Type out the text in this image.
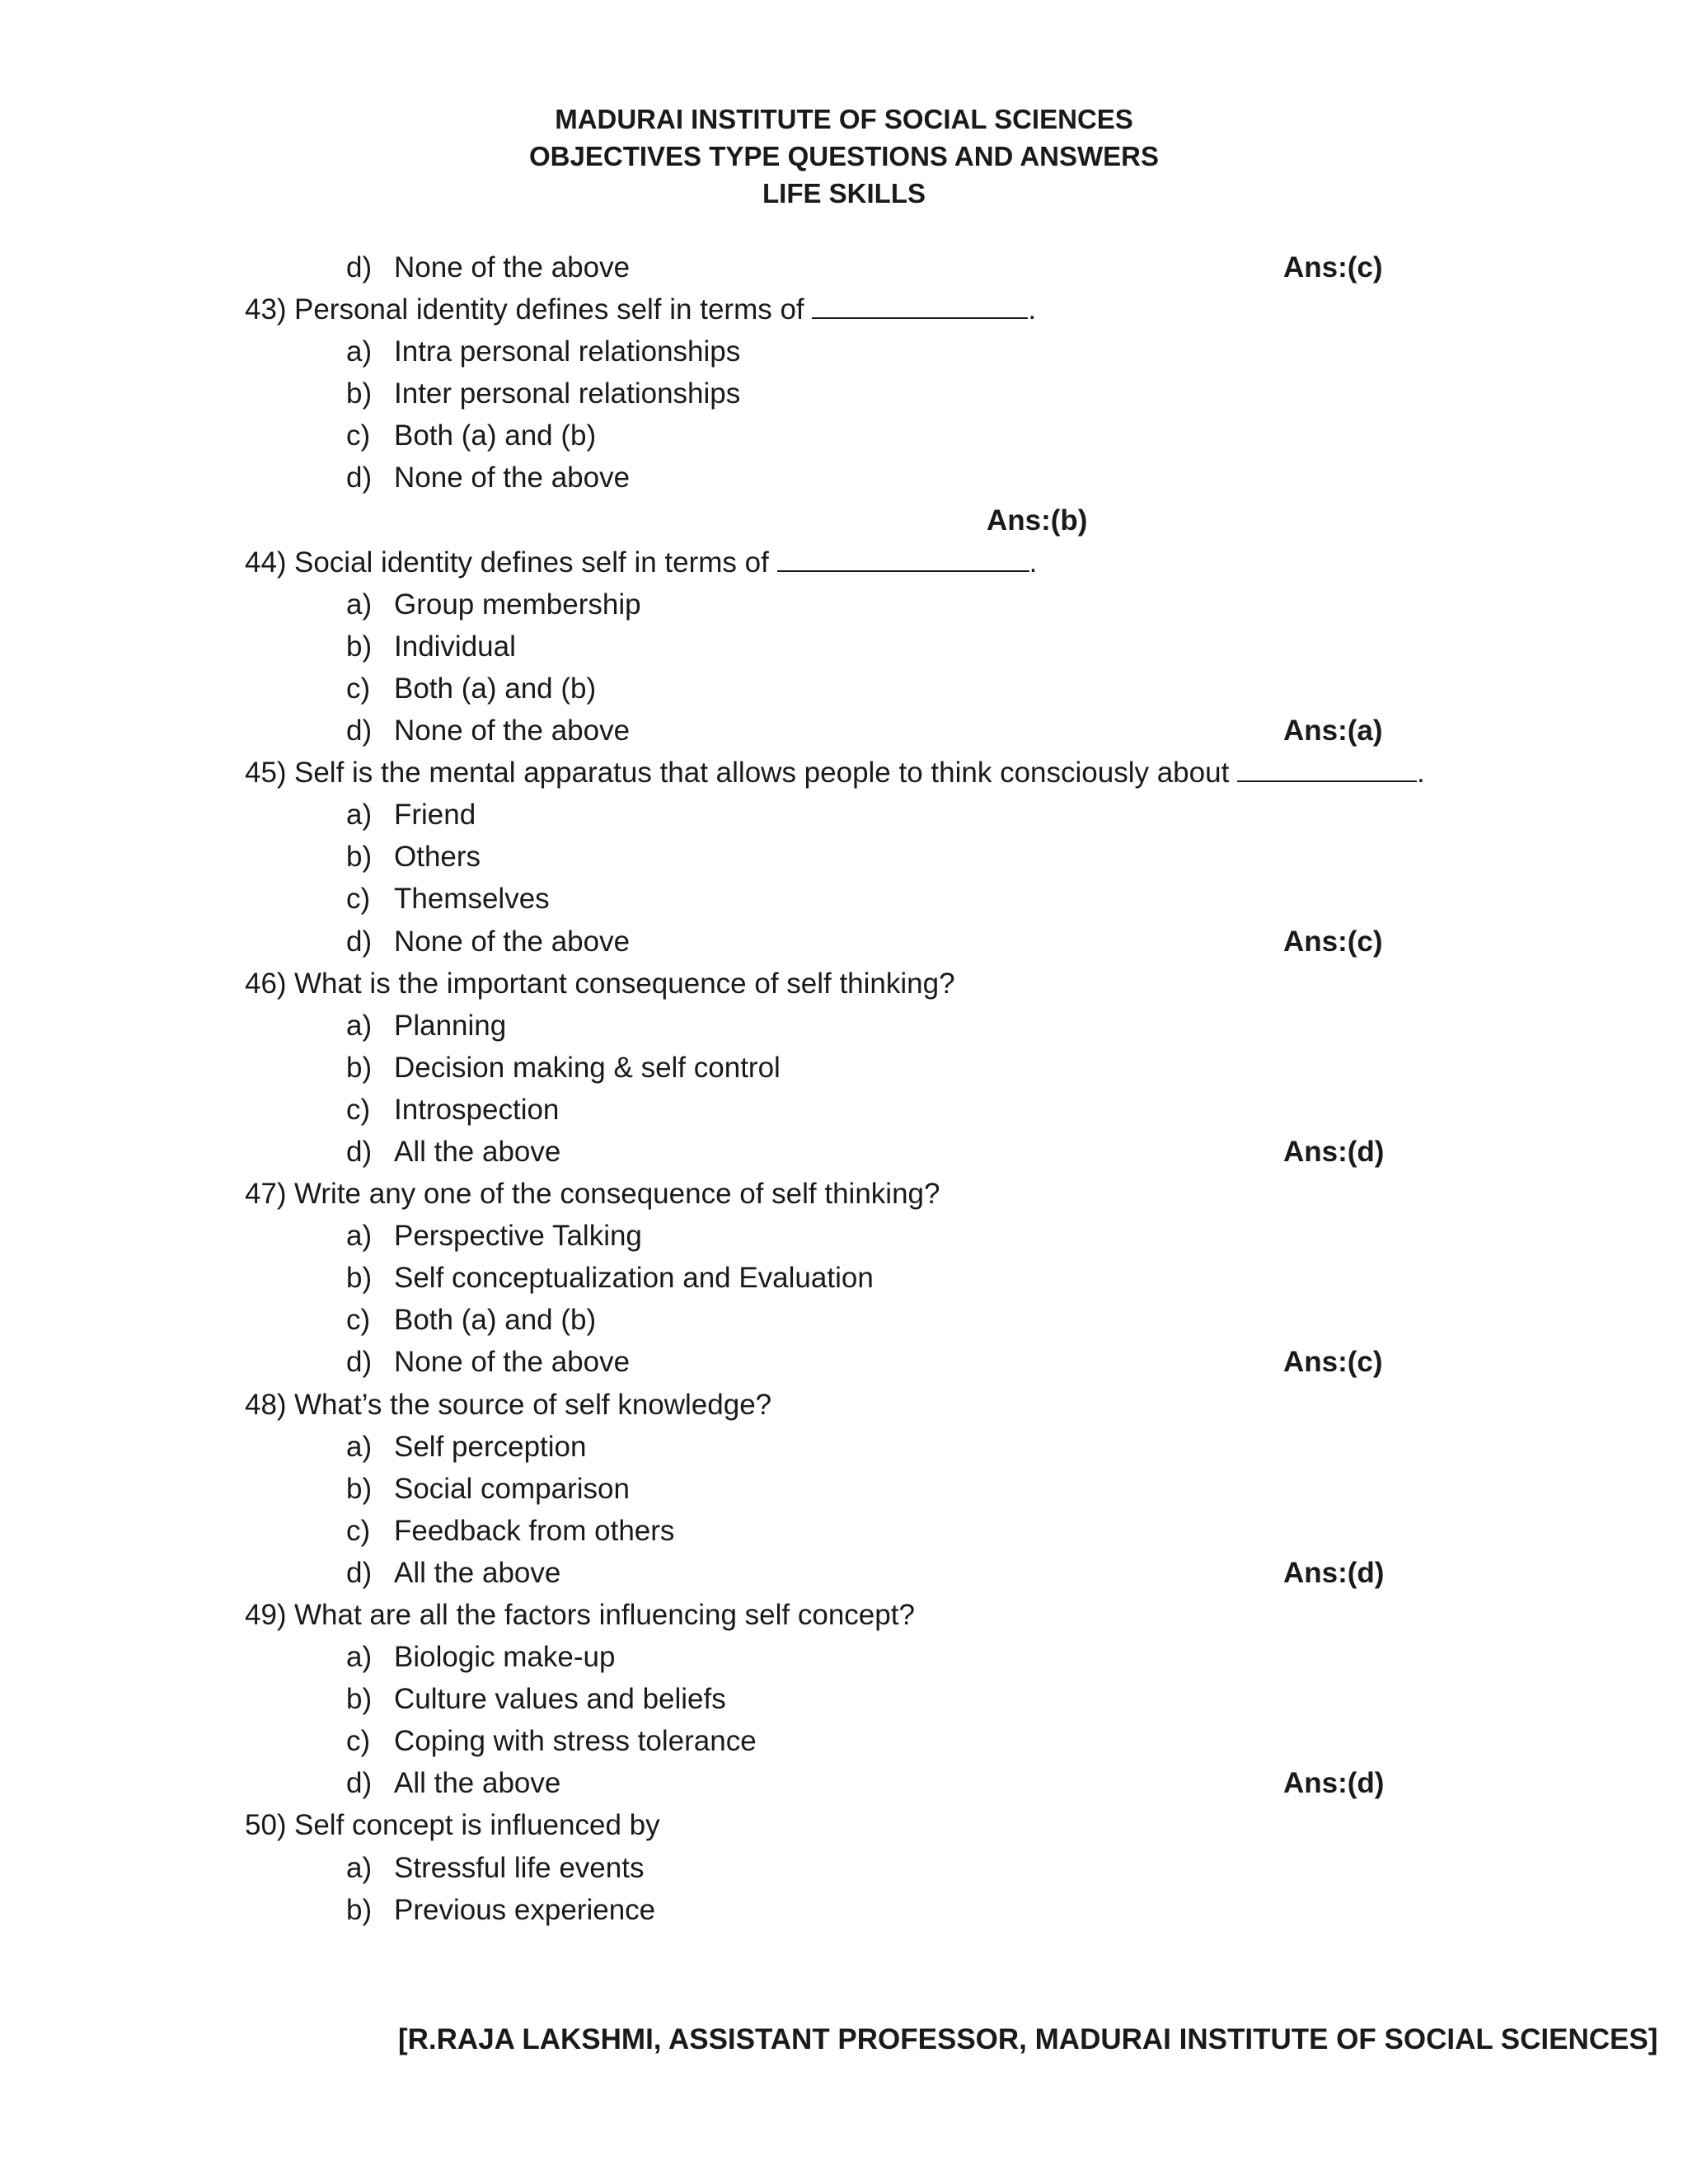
MADURAI INSTITUTE OF SOCIAL SCIENCES
OBJECTIVES TYPE QUESTIONS AND ANSWERS
LIFE SKILLS
d) None of the above	Ans:(c)
43) Personal identity defines self in terms of	.
a) Intra personal relationships
b) Inter personal relationships
c) Both (a) and (b)
d) None of the above
Ans:(b)
44) Social identity defines self in terms of	.
a) Group membership
b) Individual
c) Both (a) and (b)
d) None of the above	Ans:(a)
45) Self is the mental apparatus that allows people to think consciously about	.
a) Friend
b) Others
c) Themselves
d) None of the above	Ans:(c)
46) What is the important consequence of self thinking?
a) Planning
b) Decision making & self control
c) Introspection
d) All the above	Ans:(d)
47) Write any one of the consequence of self thinking?
a) Perspective Talking
b) Self conceptualization and Evaluation
c) Both (a) and (b)
d) None of the above	Ans:(c)
48) What’s the source of self knowledge?
a) Self perception
b) Social comparison
c) Feedback from others
d) All the above	Ans:(d)
49) What are all the factors influencing self concept?
a) Biologic make-up
b) Culture values and beliefs
c) Coping with stress tolerance
d) All the above	Ans:(d)
50) Self concept is influenced by
a) Stressful life events
b) Previous experience
[R.RAJA LAKSHMI, ASSISTANT PROFESSOR, MADURAI INSTITUTE OF SOCIAL SCIENCES]
